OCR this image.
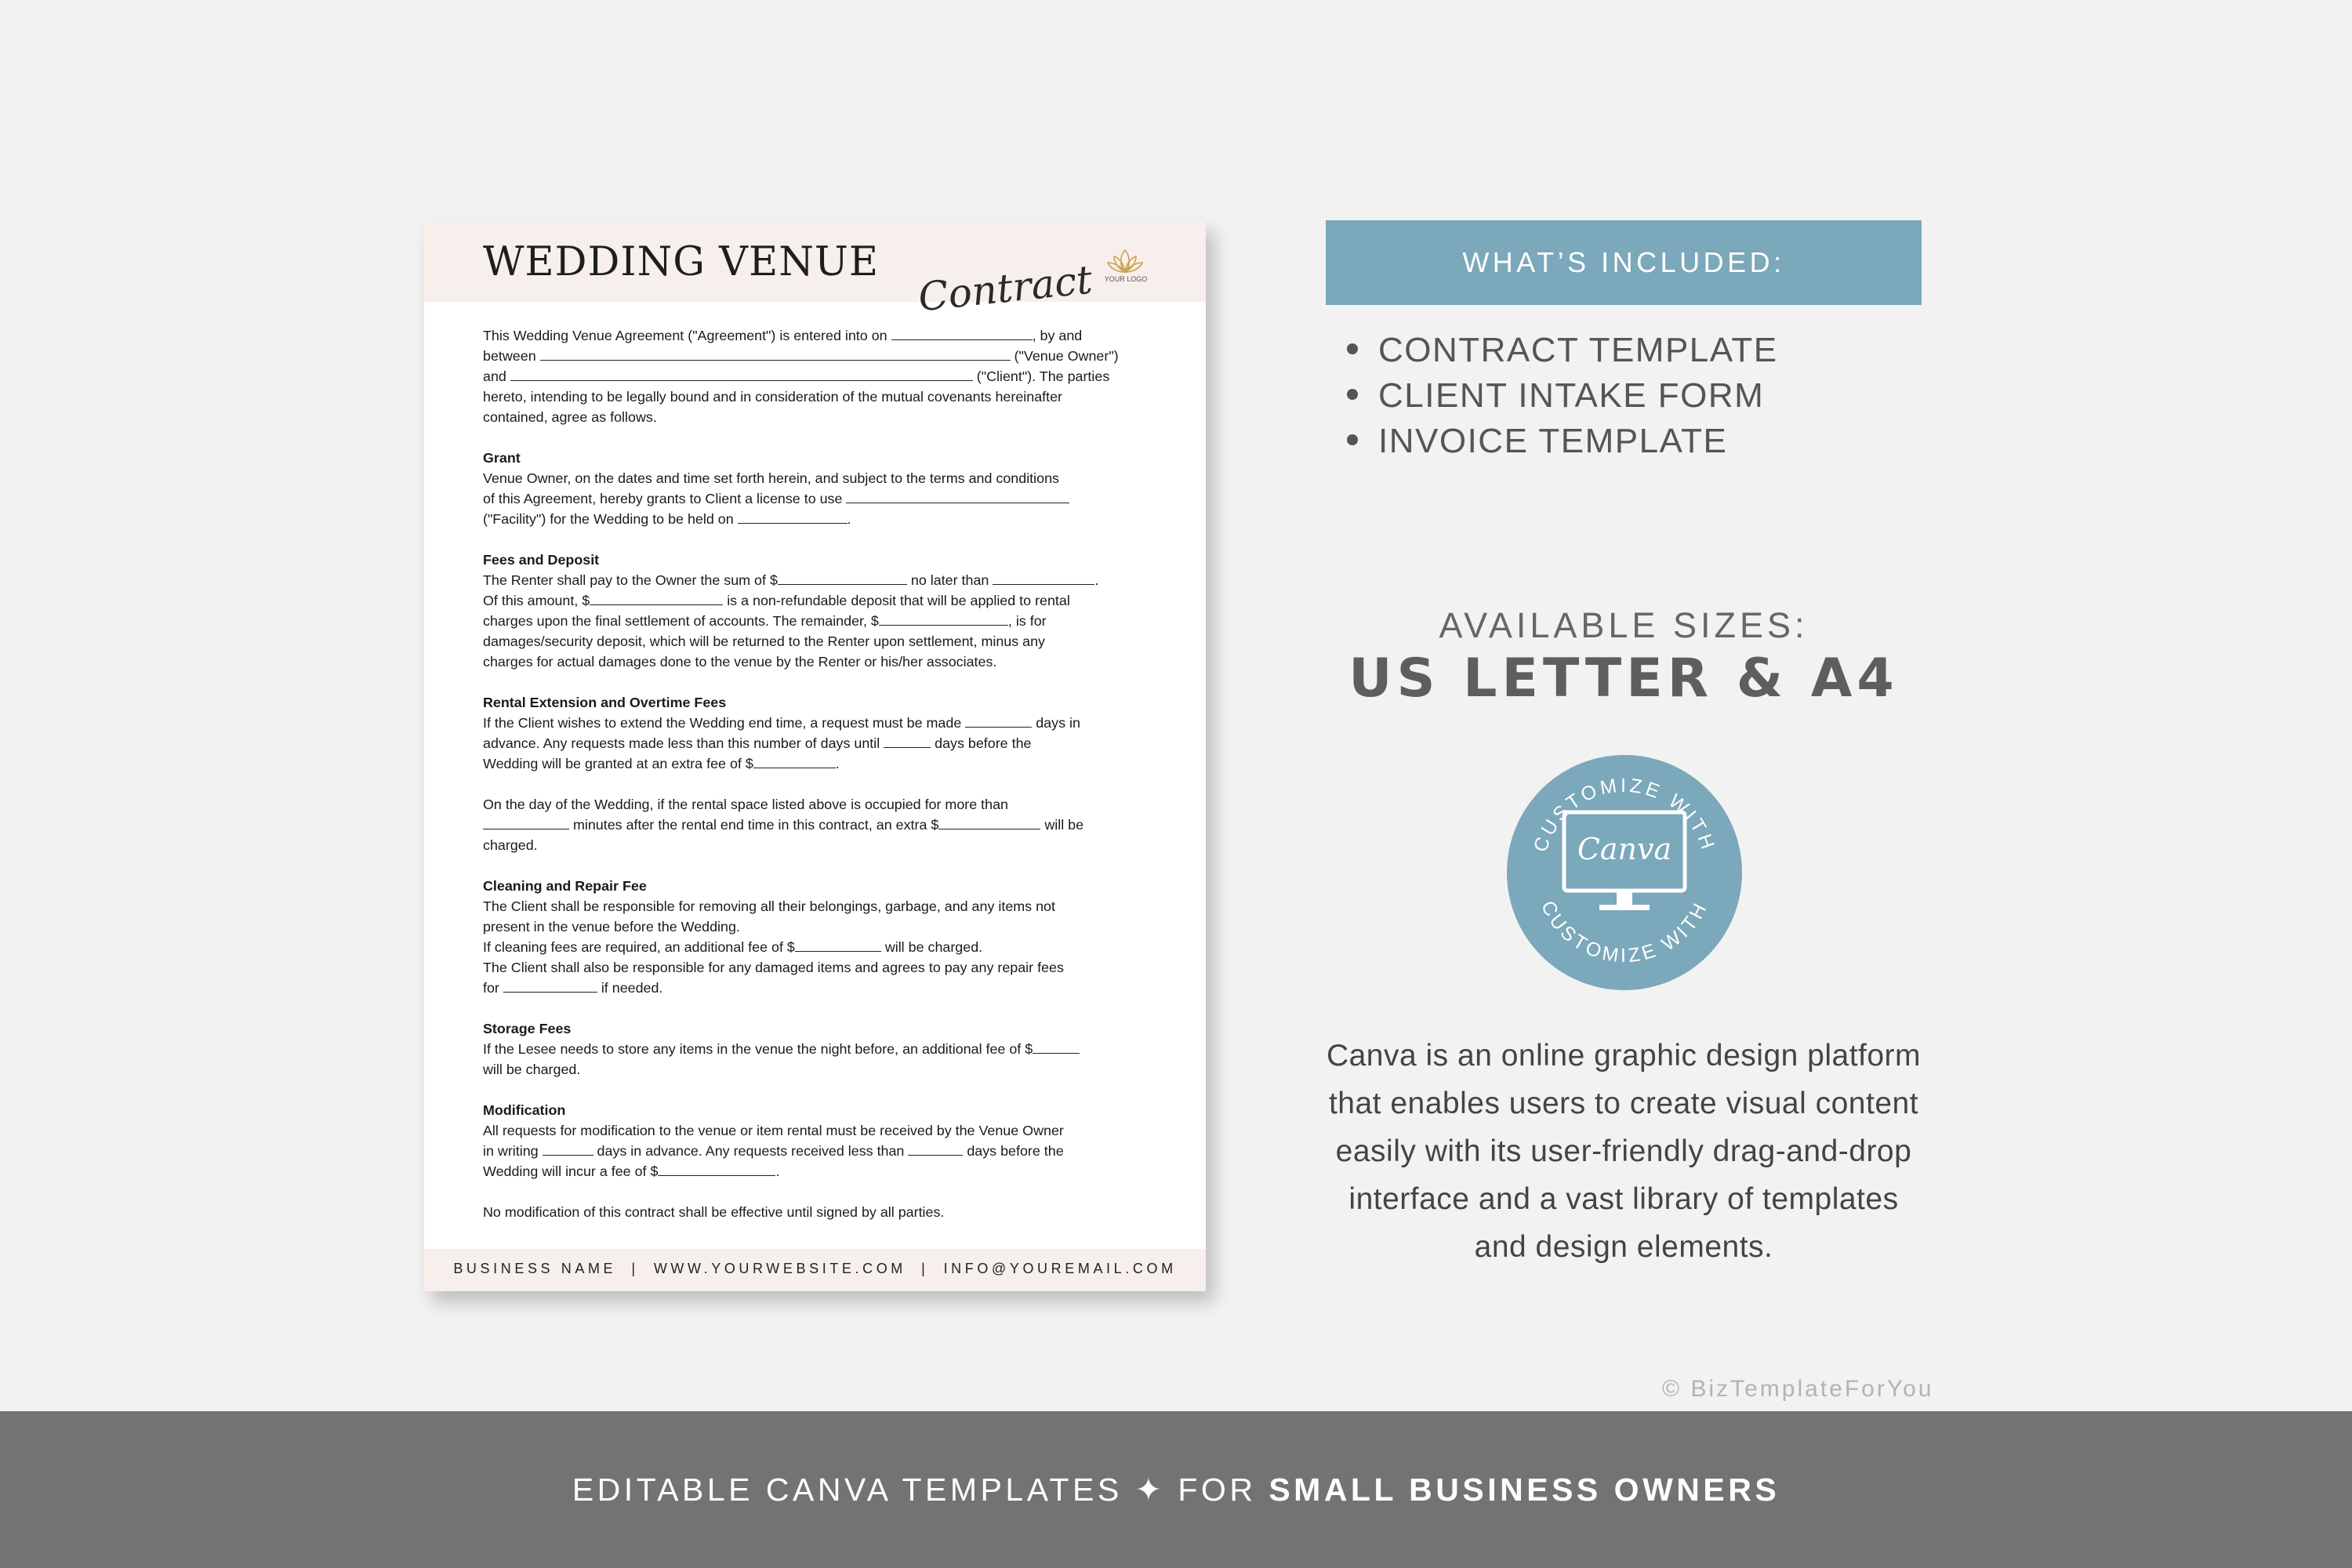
WEDDING VENUE Contract	YOUR LOGO

This Wedding Venue Agreement ("Agreement") is entered into on	, by and
between	("Venue Owner")
and	("Client"). The parties
hereto, intending to be legally bound and in consideration of the mutual covenants hereinafter
contained, agree as follows.

Grant
Venue Owner, on the dates and time set forth herein, and subject to the terms and conditions
of this Agreement, hereby grants to Client a license to use
("Facility") for the Wedding to be held on	.

Fees and Deposit
The Renter shall pay to the Owner the sum of $	no later than	.
Of this amount, $	is a non-refundable deposit that will be applied to rental
charges upon the final settlement of accounts. The remainder, $	, is for
damages/security deposit, which will be returned to the Renter upon settlement, minus any
charges for actual damages done to the venue by the Renter or his/her associates.

Rental Extension and Overtime Fees
If the Client wishes to extend the Wedding end time, a request must be made	days in
advance. Any requests made less than this number of days until	days before the
Wedding will be granted at an extra fee of $	.

On the day of the Wedding, if the rental space listed above is occupied for more than
minutes after the rental end time in this contract, an extra $	will be
charged.

Cleaning and Repair Fee
The Client shall be responsible for removing all their belongings, garbage, and any items not
present in the venue before the Wedding.
If cleaning fees are required, an additional fee of $	will be charged.
The Client shall also be responsible for any damaged items and agrees to pay any repair fees
for	if needed.

Storage Fees
If the Lesee needs to store any items in the venue the night before, an additional fee of $
will be charged.

Modification
All requests for modification to the venue or item rental must be received by the Venue Owner
in writing	days in advance. Any requests received less than	days before the
Wedding will incur a fee of $	.

No modification of this contract shall be effective until signed by all parties.

BUSINESS NAME  |  WWW.YOURWEBSITE.COM  |  INFO@YOUREMAIL.COM
WHAT’S INCLUDED:
CONTRACT TEMPLATE
CLIENT INTAKE FORM
INVOICE TEMPLATE
AVAILABLE SIZES:
US LETTER & A4
CUSTOMIZE WITH
CUSTOMIZE WITH
Canva
Canva is an online graphic design platform
that enables users to create visual content
easily with its user-friendly drag-and-drop
interface and a vast library of templates
and design elements.
© BizTemplateForYou
EDITABLE CANVA TEMPLATES ✦ FOR SMALL BUSINESS OWNERS
